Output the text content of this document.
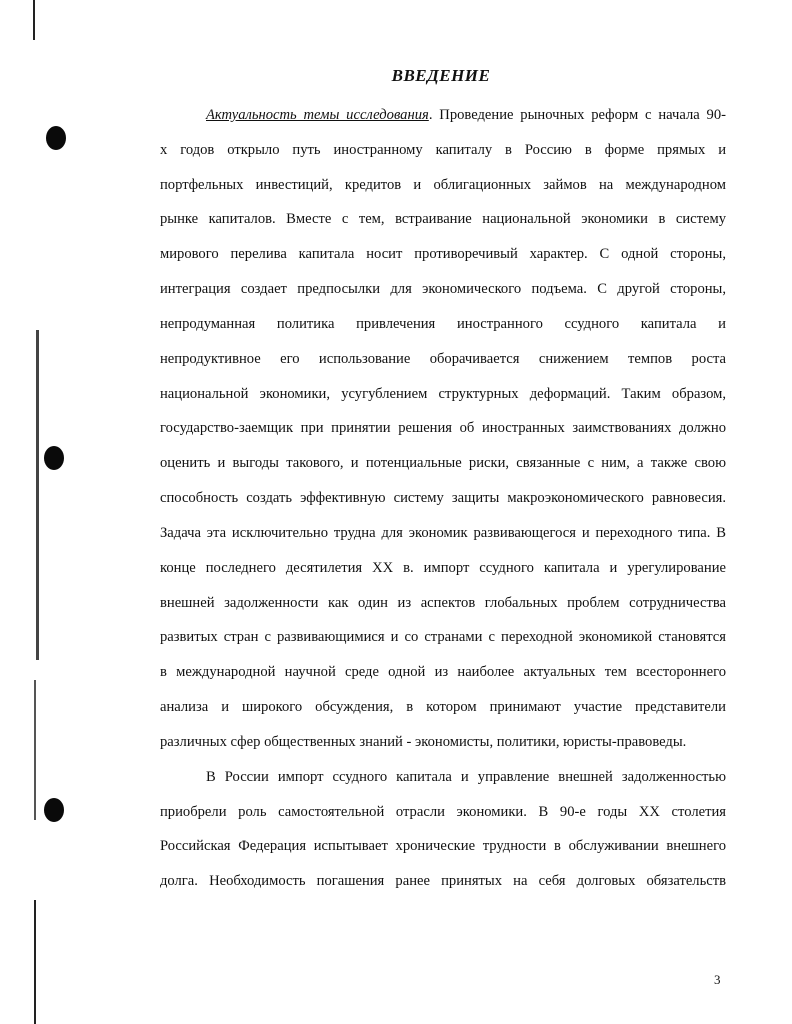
ВВЕДЕНИЕ
Актуальность темы исследования. Проведение рыночных реформ с начала 90-
х годов открыло путь иностранному капиталу в Россию в форме прямых и
портфельных инвестиций, кредитов и облигационных займов на международном
рынке капиталов. Вместе с тем, встраивание национальной экономики в систему
мирового перелива капитала носит противоречивый характер. С одной стороны,
интеграция создает предпосылки для экономического подъема. С другой стороны,
непродуманная политика привлечения иностранного ссудного капитала и
непродуктивное его использование оборачивается снижением темпов роста
национальной экономики, усугублением структурных деформаций. Таким образом,
государство-заемщик при принятии решения об иностранных заимствованиях должно
оценить и выгоды такового, и потенциальные риски, связанные с ним, а также свою
способность создать эффективную систему защиты макроэкономического равновесия.
Задача эта исключительно трудна для экономик развивающегося и переходного типа. В
конце последнего десятилетия XX в. импорт ссудного капитала и урегулирование
внешней задолженности как один из аспектов глобальных проблем сотрудничества
развитых стран с развивающимися и со странами с переходной экономикой становятся
в международной научной среде одной из наиболее актуальных тем всестороннего
анализа и широкого обсуждения, в котором принимают участие представители
различных сфер общественных знаний - экономисты, политики, юристы-правоведы.
В России импорт ссудного капитала и управление внешней задолженностью
приобрели роль самостоятельной отрасли экономики. В 90-е годы XX столетия
Российская Федерация испытывает хронические трудности в обслуживании внешнего
долга. Необходимость погашения ранее принятых на себя долговых обязательств
3
